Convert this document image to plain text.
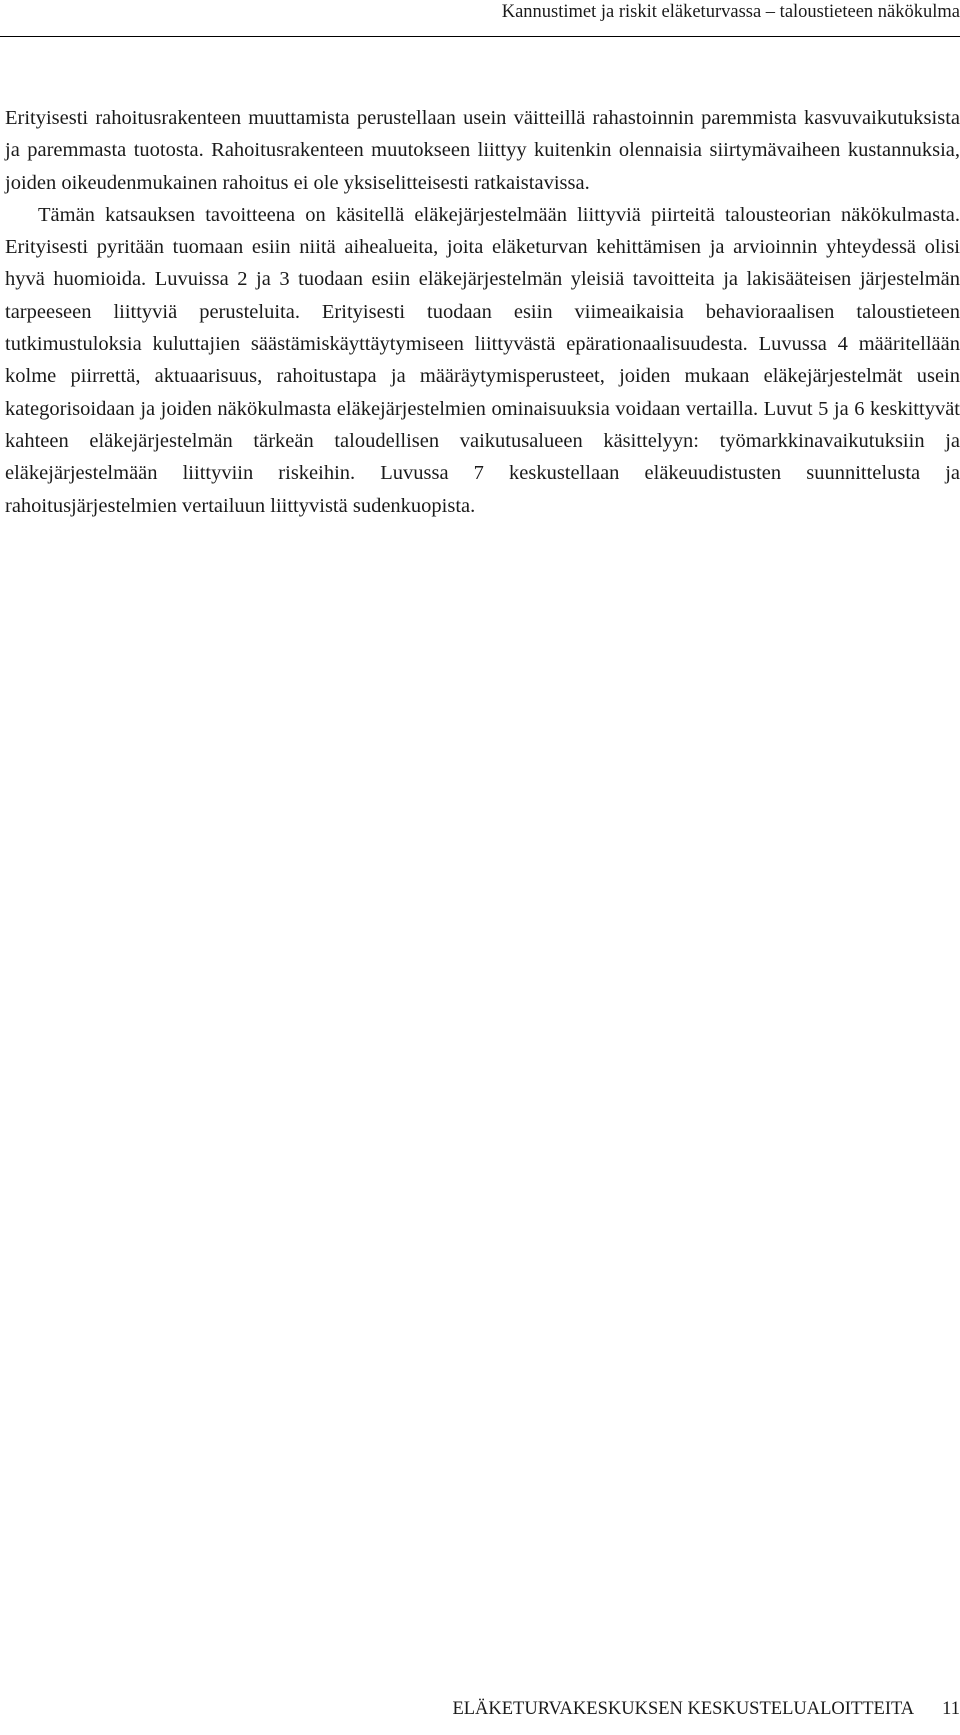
Kannustimet ja riskit eläketurvassa – taloustieteen näkökulma

Erityisesti rahoitusrakenteen muuttamista perustellaan usein väitteillä rahastoinnin paremmista kasvuvaikutuksista ja paremmasta tuotosta. Rahoitusrakenteen muutokseen liittyy kuitenkin olennaisia siirtymävaiheen kustannuksia, joiden oikeudenmukainen rahoitus ei ole yksiselitteisesti ratkaistavissa.

Tämän katsauksen tavoitteena on käsitellä eläkejärjestelmään liittyviä piirteitä talousteorian näkökulmasta. Erityisesti pyritään tuomaan esiin niitä aihealueita, joita eläketurvan kehittämisen ja arvioinnin yhteydessä olisi hyvä huomioida. Luvuissa 2 ja 3 tuodaan esiin eläkejärjestelmän yleisiä tavoitteita ja lakisääteisen järjestelmän tarpeeseen liittyviä perusteluita. Erityisesti tuodaan esiin viimeaikaisia behavioraalisen taloustieteen tutkimustuloksia kuluttajien säästämiskäyttäytymiseen liittyvästä epärationaalisuudesta. Luvussa 4 määritellään kolme piirrettä, aktuaarisuus, rahoitustapa ja määräytymisperusteet, joiden mukaan eläkejärjestelmät usein kategorisoidaan ja joiden näkökulmasta eläkejärjestelmien ominaisuuksia voidaan vertailla. Luvut 5 ja 6 keskittyvät kahteen eläkejärjestelmän tärkeän taloudellisen vaikutusalueen käsittelyyn: työmarkkinavaikutuksiin ja eläkejärjestelmään liittyviin riskeihin. Luvussa 7 keskustellaan eläkeuudistusten suunnittelusta ja rahoitusjärjestelmien vertailuun liittyvistä sudenkuopista.

ELÄKETURVAKESKUKSEN KESKUSTELUALOITTEITA 11
